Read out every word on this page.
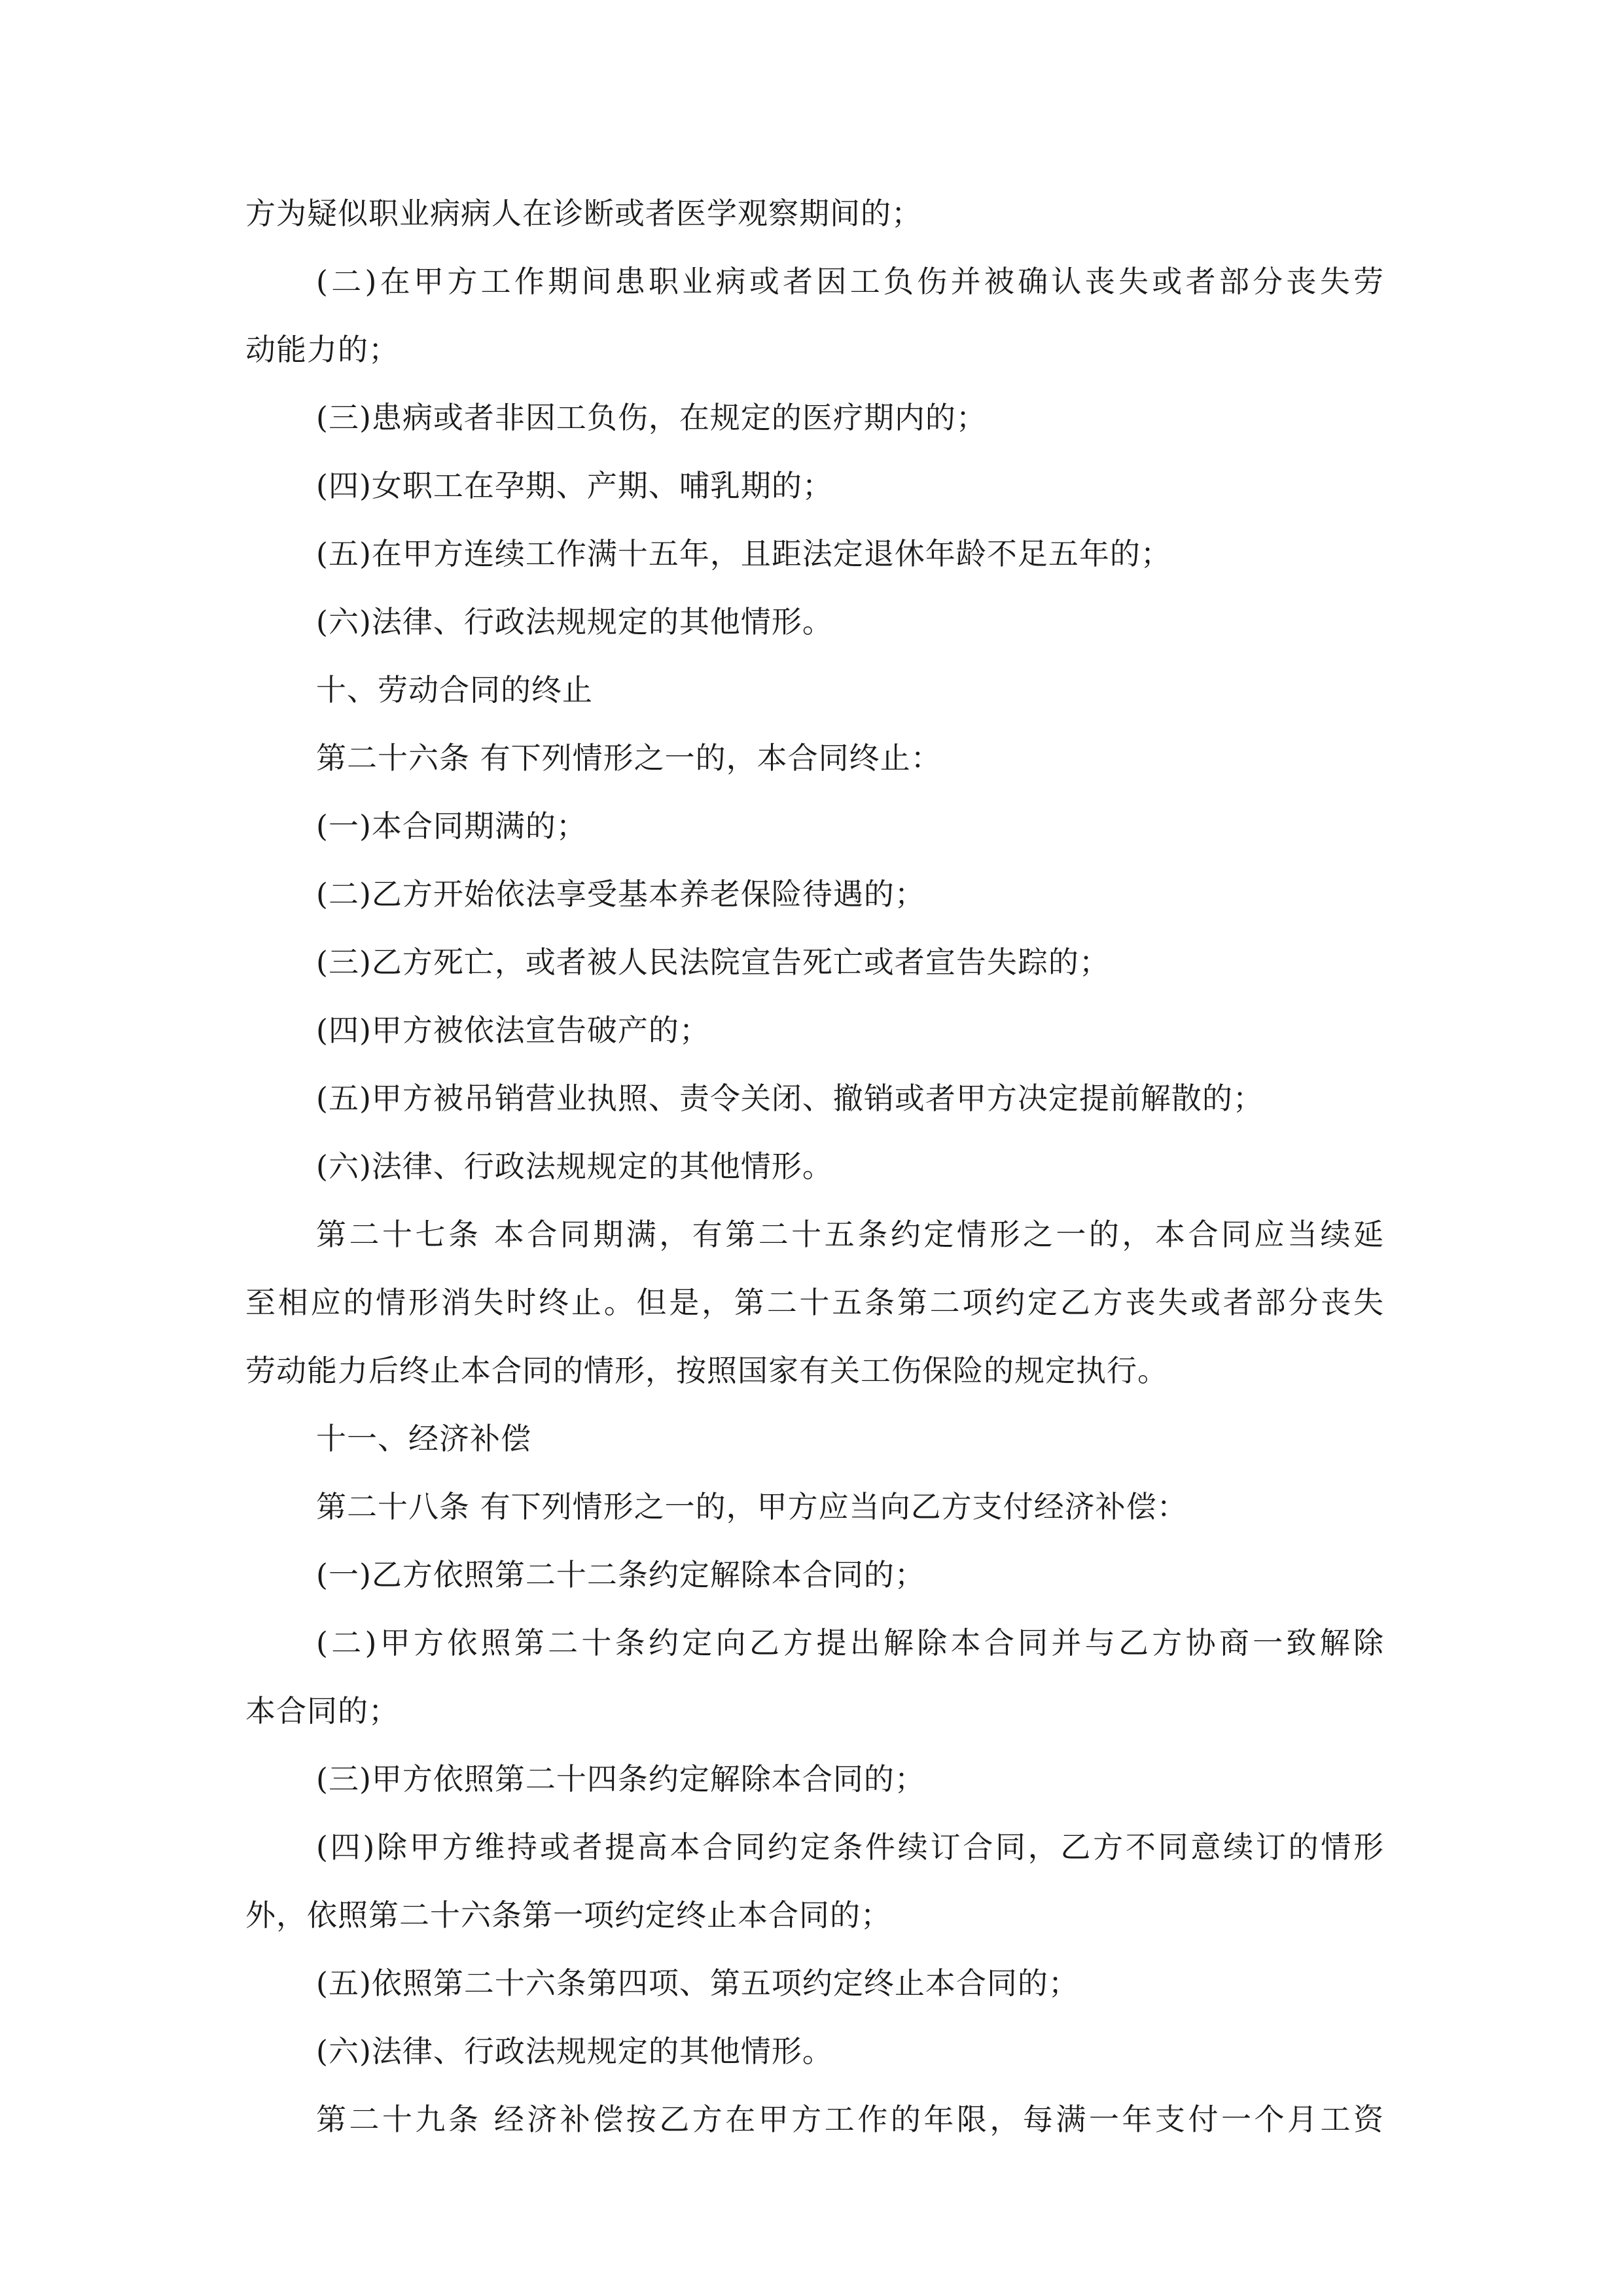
方为疑似职业病病人在诊断或者医学观察期间的；
(二)在甲方工作期间患职业病或者因工负伤并被确认丧失或者部分丧失劳
动能力的；
(三)患病或者非因工负伤，在规定的医疗期内的；
(四)女职工在孕期、产期、哺乳期的；
(五)在甲方连续工作满十五年，且距法定退休年龄不足五年的；
(六)法律、行政法规规定的其他情形。
十、劳动合同的终止
第二十六条 有下列情形之一的，本合同终止：
(一)本合同期满的；
(二)乙方开始依法享受基本养老保险待遇的；
(三)乙方死亡，或者被人民法院宣告死亡或者宣告失踪的；
(四)甲方被依法宣告破产的；
(五)甲方被吊销营业执照、责令关闭、撤销或者甲方决定提前解散的；
(六)法律、行政法规规定的其他情形。
第二十七条 本合同期满，有第二十五条约定情形之一的，本合同应当续延
至相应的情形消失时终止。但是，第二十五条第二项约定乙方丧失或者部分丧失
劳动能力后终止本合同的情形，按照国家有关工伤保险的规定执行。
十一、经济补偿
第二十八条 有下列情形之一的，甲方应当向乙方支付经济补偿：
(一)乙方依照第二十二条约定解除本合同的；
(二)甲方依照第二十条约定向乙方提出解除本合同并与乙方协商一致解除
本合同的；
(三)甲方依照第二十四条约定解除本合同的；
(四)除甲方维持或者提高本合同约定条件续订合同，乙方不同意续订的情形
外，依照第二十六条第一项约定终止本合同的；
(五)依照第二十六条第四项、第五项约定终止本合同的；
(六)法律、行政法规规定的其他情形。
第二十九条 经济补偿按乙方在甲方工作的年限，每满一年支付一个月工资
